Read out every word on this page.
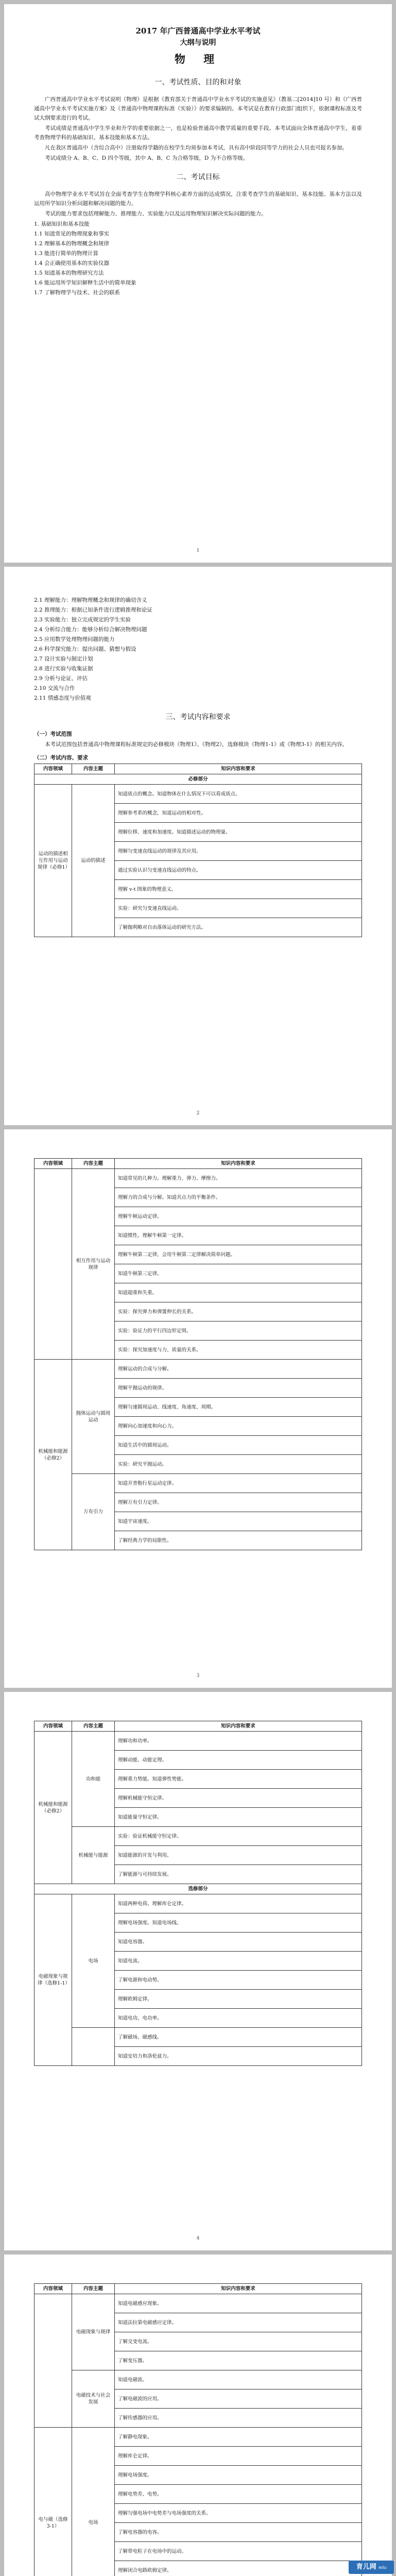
2017 年广西普通高中学业水平考试
大纲与说明
物 理
一、考试性质、目的和对象

广西普通高中学业水平考试说明（物理）是根据《教育部关于普通高中学业水平考试的实施意见》（教基二[2014]10 号）和《广西普通高中学业水平考试实施方案》及《普通高中物理课程标准（实验）》的要求编制的。本考试是在教育行政部门组织下，依据课程标准及考试大纲要求进行的考试。

考试成绩是普通高中学生毕业和升学的重要依据之一，也是检验普通高中教学质量的重要手段。本考试面向全体普通高中学生，着重考查物理学科的基础知识、基本技能和基本方法。

凡在我区普通高中（含综合高中）注册取得学籍的在校学生均须参加本考试，具有高中阶段同等学力的社会人员也可报名参加。

考试成绩分 A、B、C、D 四个等级，其中 A、B、C 为合格等级，D 为不合格等级。

二、考试目标

高中物理学业水平考试旨在全面考查学生在物理学科核心素养方面的达成情况，注重考查学生的基础知识、基本技能、基本方法以及运用所学知识分析问题和解决问题的能力。

考试的能力要求包括理解能力、推理能力、实验能力以及运用物理知识解决实际问题的能力。

1. 基础知识和基本技能
1.1 知道常见的物理现象和事实
1.2 理解基本的物理概念和规律
1.3 能进行简单的物理计算
1.4 会正确使用基本的实验仪器
1.5 知道基本的物理研究方法
1.6 能运用所学知识解释生活中的简单现象
1.7 了解物理学与技术、社会的联系
1
2.1 理解能力：理解物理概念和规律的确切含义
2.2 推理能力：根据已知条件进行逻辑推理和论证
2.3 实验能力：独立完成规定的学生实验
2.4 分析综合能力：能够分析综合解决物理问题
2.5 应用数学处理物理问题的能力
2.6 科学探究能力：提出问题、猜想与假设
2.7 设计实验与制定计划
2.8 进行实验与收集证据
2.9 分析与论证、评估
2.10 交流与合作
2.11 情感态度与价值观
三、考试内容和要求
（一）考试范围

本考试范围包括普通高中物理课程标准规定的必修模块《物理1》、《物理2》，选修模块《物理1-1》或《物理3-1》的相关内容。

（二）考试内容、要求
内容领域	内容主题	知识内容和要求
必修部分		
运动的描述相互作用与运动规律（必修1）	运动的描述	知道质点的概念。知道物体在什么情况下可以看成质点。
		理解参考系的概念，知道运动的相对性。
		理解位移、速度和加速度。知道描述运动的物理量。
		理解匀变速直线运动的规律及其应用。
		通过实验认识匀变速直线运动的特点。
		理解 v-t 图象的物理意义。
		实验：研究匀变速直线运动。
		了解伽利略对自由落体运动的研究方法。
2
内容领域	内容主题	知识内容和要求
	相互作用与运动规律	知道常见的几种力。理解重力、弹力、摩擦力。
		理解力的合成与分解。知道共点力的平衡条件。
		理解牛顿运动定律。
		知道惯性。理解牛顿第一定律。
		理解牛顿第二定律，会用牛顿第二定律解决简单问题。
		知道牛顿第三定律。
		知道超重和失重。
		实验：探究弹力和弹簧伸长的关系。
		实验：验证力的平行四边形定则。
		实验：探究加速度与力、质量的关系。
机械能和能源（必修2）	抛体运动与圆周运动	理解运动的合成与分解。
		理解平抛运动的规律。
		理解匀速圆周运动、线速度、角速度、周期。
		理解向心加速度和向心力。
		知道生活中的圆周运动。
		实验：研究平抛运动。
	万有引力	知道开普勒行星运动定律。
		理解万有引力定律。
		知道宇宙速度。
		了解经典力学的局限性。
3
内容领域	内容主题	知识内容和要求
机械能和能源（必修2）	功和能	理解功和功率。
		理解动能、动能定理。
		理解重力势能。知道弹性势能。
		理解机械能守恒定律。
		知道能量守恒定律。
	机械能与能源	实验：验证机械能守恒定律。
		知道能源的开发与利用。
		了解能源与可持续发展。
选修部分		
电磁现象与规律（选修1-1）	电场	知道两种电荷。理解库仑定律。
		理解电场强度。知道电场线。
		知道电容器。
		知道电流。
		了解电源和电动势。
		理解欧姆定律。
		知道电功、电功率。
		了解磁场、磁感线。
		知道安培力和洛伦兹力。
4
内容领域	内容主题	知识内容和要求
	电磁现象与规律	知道电磁感应现象。
		知道法拉第电磁感应定律。
		了解交变电流。
		了解变压器。
	电磁技术与社会发展	知道电磁波。
		了解电磁波的应用。
		了解传感器的应用。
电与磁（选修3-1）	电场	了解静电现象。
		理解库仑定律。
		理解电场强度。
		理解电势差、电势。
		理解匀强电场中电势差与电场强度的关系。
		了解电容器的电容。
		了解带电粒子在电场中的运动。
		理解闭合电路欧姆定律。	育儿网 edu
